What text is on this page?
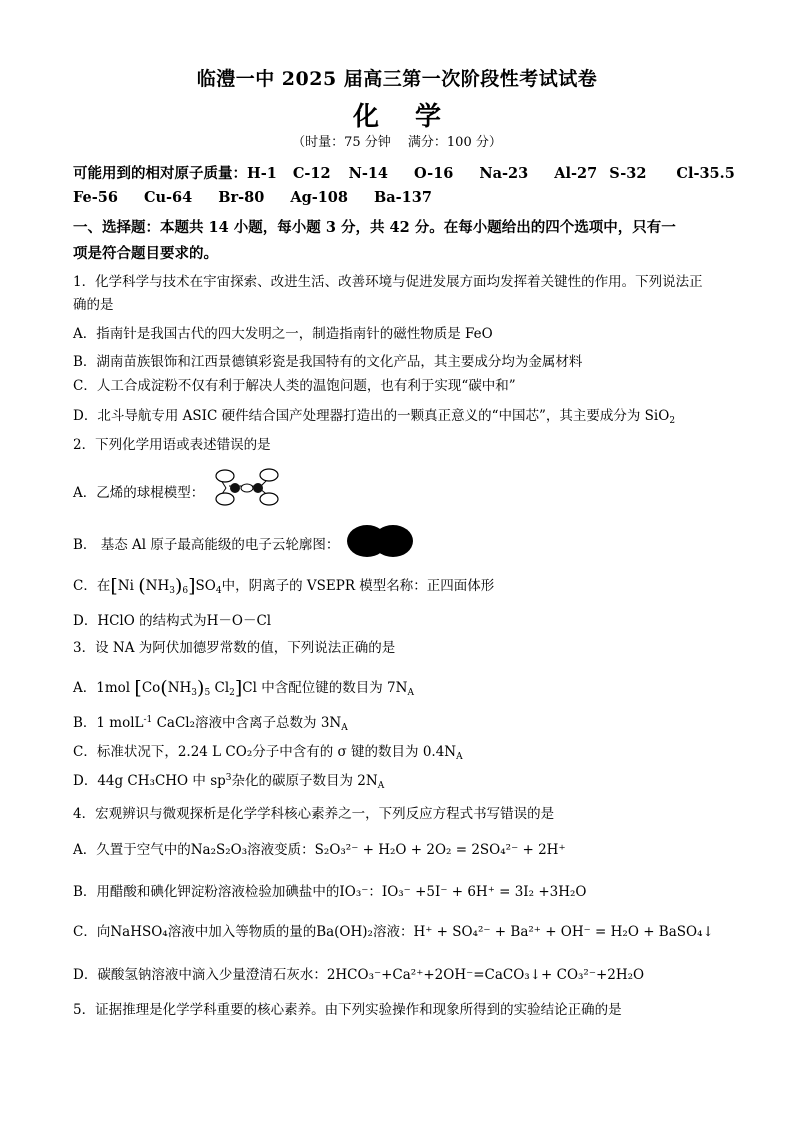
临澧一中 2025 届高三第一次阶段性考试试卷
化学
（时量：75 分钟　 满分：100 分）
可能用到的相对原子质量：H-1 C-12 N-14 O-16 Na-23 Al-27 S-32 Cl-35.5
Fe-56 Cu-64 Br-80 Ag-108 Ba-137
一、选择题：本题共 14 小题，每小题 3 分，共 42 分。在每小题给出的四个选项中，只有一
项是符合题目要求的。
1．化学科学与技术在宇宙探索、改进生活、改善环境与促进发展方面均发挥着关键性的作用。下列说法正
确的是
A．指南针是我国古代的四大发明之一，制造指南针的磁性物质是 FeO
B．湖南苗族银饰和江西景德镇彩瓷是我国特有的文化产品，其主要成分均为金属材料
C．人工合成淀粉不仅有利于解决人类的温饱问题，也有利于实现“碳中和”
D．北斗导航专用 ASIC 硬件结合国产处理器打造出的一颗真正意义的“中国芯”，其主要成分为 SiO$_2$
2．下列化学用语或表述错误的是
A．乙烯的球棍模型：
B． 基态 Al 原子最高能级的电子云轮廓图：
C．在[Ni $(NH_3)_6]SO_4$中，阴离子的 VSEPR 模型名称：正四面体形
D．HClO 的结构式为H－O－Cl
3．设 NA 为阿伏加德罗常数的值，下列说法正确的是
A．1mol [$Co(NH_3)_5$ $Cl_2]Cl$ 中含配位键的数目为 $7N_A$
B．1 molL$^{-1}$ CaCl₂溶液中含离子总数为 $3N_A$
C．标准状况下，2.24 L CO₂分子中含有的 σ 键的数目为 $0.4N_A$
D．44g CH₃CHO 中 $sp^3$杂化的碳原子数目为 $2N_A$
4．宏观辨识与微观探析是化学学科核心素养之一，下列反应方程式书写错误的是
A．久置于空气中的Na₂S₂O₃溶液变质：S₂O₃²⁻ + H₂O + 2O₂ = 2SO₄²⁻ + 2H⁺
B．用醋酸和碘化钾淀粉溶液检验加碘盐中的IO₃⁻：IO₃⁻ +5I⁻ + 6H⁺ = 3I₂ +3H₂O
C．向NaHSO₄溶液中加入等物质的量的Ba(OH)₂溶液：H⁺ + SO₄²⁻ + Ba²⁺ + OH⁻ = H₂O + BaSO₄↓
D．碳酸氢钠溶液中滴入少量澄清石灰水：2HCO₃⁻+Ca²⁺+2OH⁻=CaCO₃↓+ CO₃²⁻+2H₂O
5．证据推理是化学学科重要的核心素养。由下列实验操作和现象所得到的实验结论正确的是
